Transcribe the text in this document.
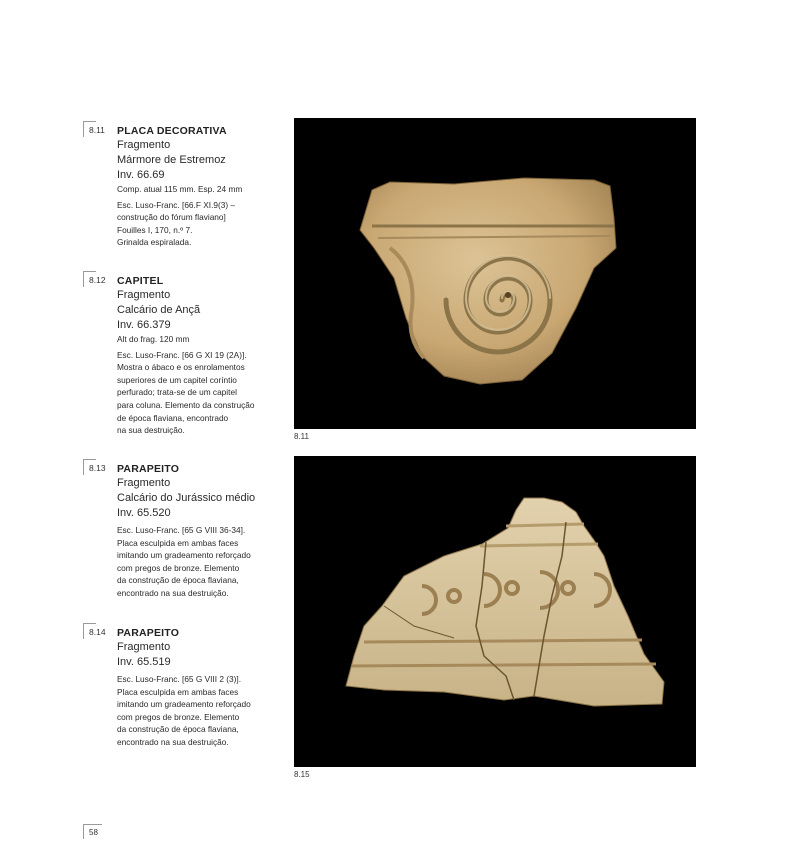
8.11 PLACA DECORATIVA
Fragmento
Mármore de Estremoz
Inv. 66.69
Comp. atual 115 mm. Esp. 24 mm
Esc. Luso-Franc. [66.F XI.9(3) –
construção do fórum flaviano]
Fouilles I, 170, n.º 7.
Grinalda espiralada.
8.12 CAPITEL
Fragmento
Calcário de Ançã
Inv. 66.379
Alt do frag. 120 mm
Esc. Luso-Franc. [66 G XI 19 (2A)].
Mostra o ábaco e os enrolamentos
superiores de um capitel coríntio
perfurado; trata-se de um capitel
para coluna. Elemento da construção
de época flaviana, encontrado
na sua destruição.
8.13 PARAPEITO
Fragmento
Calcário do Jurássico médio
Inv. 65.520
Esc. Luso-Franc. [65 G VIII 36-34].
Placa esculpida em ambas faces
imitando um gradeamento reforçado
com pregos de bronze. Elemento
da construção de época flaviana,
encontrado na sua destruição.
8.14 PARAPEITO
Fragmento
Inv. 65.519
Esc. Luso-Franc. [65 G VIII 2 (3)].
Placa esculpida em ambas faces
imitando um gradeamento reforçado
com pregos de bronze. Elemento
da construção de época flaviana,
encontrado na sua destruição.
8.11
8.15
58
